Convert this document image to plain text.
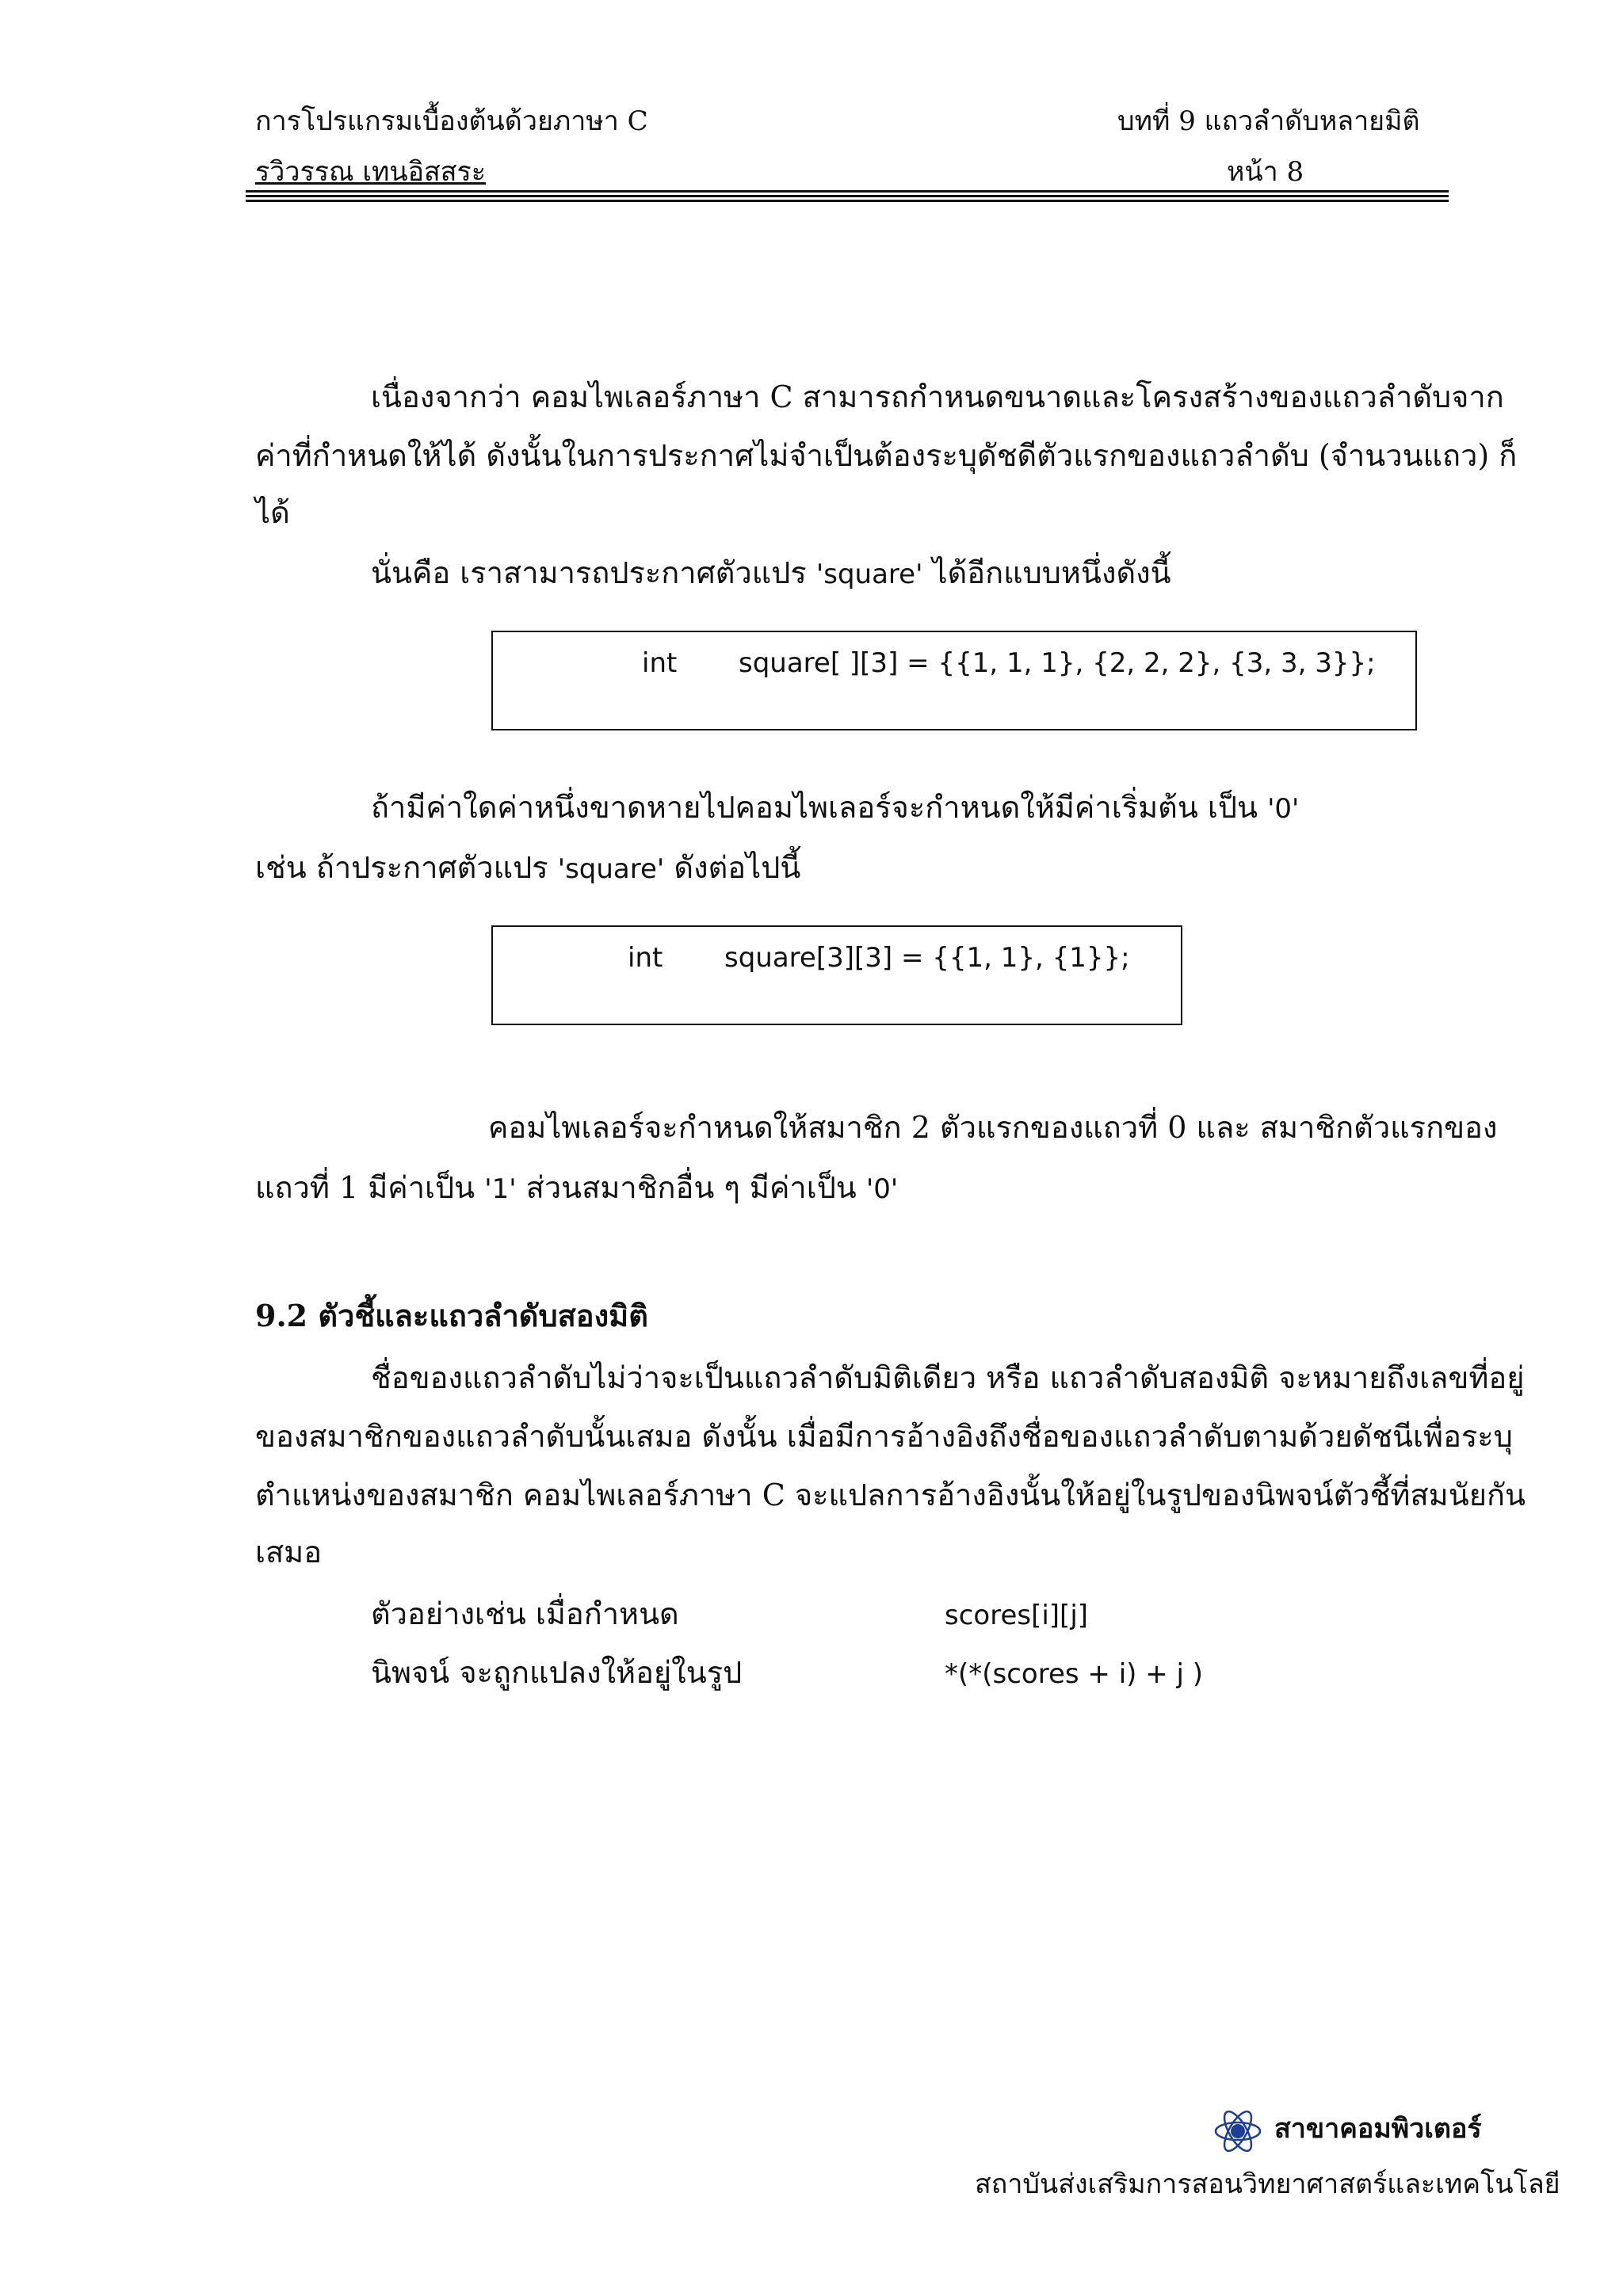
การโปรแกรมเบื้องต้นด้วยภาษา C	บทที่ 9 แถวลำดับหลายมิติ
รวิวรรณ เทนอิสสระ	หน้า 8
เนื่องจากว่า คอมไพเลอร์ภาษา C สามารถกำหนดขนาดและโครงสร้างของแถวลำดับจาก
ค่าที่กำหนดให้ได้ ดังนั้นในการประกาศไม่จำเป็นต้องระบุดัชดีตัวแรกของแถวลำดับ (จำนวนแถว) ก็
ได้
นั่นคือ เราสามารถประกาศตัวแปร 'square' ได้อีกแบบหนึ่งดังนี้
int square[ ][3] = {{1, 1, 1}, {2, 2, 2}, {3, 3, 3}};
ถ้ามีค่าใดค่าหนึ่งขาดหายไปคอมไพเลอร์จะกำหนดให้มีค่าเริ่มต้น เป็น '0'
เช่น ถ้าประกาศตัวแปร 'square' ดังต่อไปนี้
int square[3][3] = {{1, 1}, {1}};
คอมไพเลอร์จะกำหนดให้สมาชิก 2 ตัวแรกของแถวที่ 0 และ สมาชิกตัวแรกของ
แถวที่ 1 มีค่าเป็น '1' ส่วนสมาชิกอื่น ๆ มีค่าเป็น '0'
9.2 ตัวชี้และแถวลำดับสองมิติ
ชื่อของแถวลำดับไม่ว่าจะเป็นแถวลำดับมิติเดียว หรือ แถวลำดับสองมิติ จะหมายถึงเลขที่อยู่
ของสมาชิกของแถวลำดับนั้นเสมอ ดังนั้น เมื่อมีการอ้างอิงถึงชื่อของแถวลำดับตามด้วยดัชนีเพื่อระบุ
ตำแหน่งของสมาชิก คอมไพเลอร์ภาษา C จะแปลการอ้างอิงนั้นให้อยู่ในรูปของนิพจน์ตัวชี้ที่สมนัยกัน
เสมอ
ตัวอย่างเช่น เมื่อกำหนด	scores[i][j]
นิพจน์ จะถูกแปลงให้อยู่ในรูป	*(*(scores + i) + j )
สาขาคอมพิวเตอร์
สถาบันส่งเสริมการสอนวิทยาศาสตร์และเทคโนโลยี
